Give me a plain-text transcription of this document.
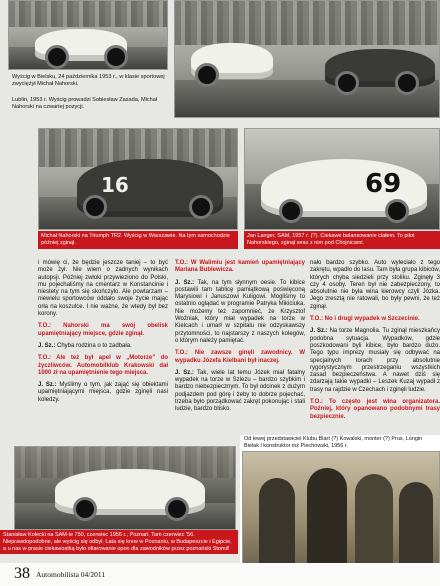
Wyścig w Bielsku, 24 października 1953 r., w klasie sportowej zwyciężył Michał Nahorski.
Lublin, 1953 r. Wyścig prowadzi Sobiesław Zasada, Michał Nahorski na czwartej pozycji.
16	69
Michał Nahorski na Triumph TR2. Wyścig w Warszawie. Na tym samochodzie później zginął.
Jan Langer, SAM, 1957 r. (?). Ciekawe balansowanie ciałem. To pilot Nahorskiego, zginął wraz z nim pod Chojnicami.

i mówię ci, że będzie jeszcze taniej – to być może żył. Nie wiem o żadnych wynikach autopsji. Później zwłoki przywieziono do Polski, mu pojechaliśmy na cmentarz w Konstancinie i niestety na tym się skończyło. Ale powtarzam – niewielu sportowców oddało swoje życie mając orła na koszulce. I nie ważne, że wtedy był bez korony.

T.O.: Nahorski ma swój obelisk upamiętniający miejsce, gdzie zginął.

J. Sz.: Chyba rodzina o to zadbała.

T.O.: Ale też był apel w „Motorze” do życzliwców. Automobilklub Krakowski dał 1000 zł na upamiętnienie tego miejsca.

J. Sz.: Myślimy o tym, jak zająć się obiektami upamiętniającymi miejsca, gdzie zginęli nasi koledzy.

T.O.: W Walimiu jest kamień upamiętniający Mariana Bublewicza.

J. Sz.: Tak, na tym słynnym oesie. To kibice postawili tam tablicę pamiątkową poświęconą Marysiowi i Januszowi Kuligowi. Mogliśmy to ostatnio oglądać w programie Patryka Mikiciuka. Nie możemy też zapomnieć, że Krzysztof Woźniak, który miał wypadek na torze w Kielcach i umarł w szpitalu nie odzyskawszy przytomności, to najstarszy z naszych kolegów, o którym należy pamiętać.

T.O.: Nie zawsze ginęli zawodnicy. W wypadku Józefa Kielbani był inaczej.

J. Sz.: Tak, wiele lat temu Józek miał fatalny wypadek na torze w Szlezu – bardzo szybkim i bardzo niebezpiecznym. To był odcinek z dużym podjazdem pod górę i żeby to dobrze pojechać, trzeba było porządkować zakręt pokonując i stali ludzie, bardzo blisko.

nało bardzo szybko. Auto wyleciało z tego zakrętu, wpadło do lasu. Tam była grupa kibiców, których chyba siedzieli przy stoliku. Zginęły 3 czy 4 osoby. Teren był nie zabezpieczony, to absolutnie nie była wina kierowcy czyli Józka. Jego zresztą nie ratowali, bo były pewni, że też zginął.

T.O.: No i drugi wypadek w Szczecinie.

J. Sz.: Na torze Magnolia. Tu zginął mieszkańcy podobna sytuacja. Wypadków, gdzie poszkodowani byli kibice, było bardzo dużo. Tego typu imprezy musiały się odbywać na specjalnych torach przy absolutnie rygorystycznym przestrzeganiu wszystkich zasad bezpieczeństwa. A nawet dziś się zdarzają takie wypadki – Leszek Kuzaj wypadł z trasy na rajdzie w Czechach i zginęli ludzie.

T.O.: To często jest wina organizatora. Pożniej, który opanowano podobnymi trasy bezpiecznie.

Stanisław Kolecki na SAM-ie 750, czerwiec 1956 r., Poznań. Tam czerwiec '56. Nieprawdopodobne, ale wyścig się odbył. Lata się krew w Poznaniu, w Budapeszcie i Egipcie, a u nas w prasie ciekawostką było ofiarowanie opon dla zawodników przez poznański Stomil!
Od lewej przedstawiciel Klubu Blart (?) Kowalski, monter (?) Prus, Longin Bielak i konstruktor inż Piechowski, 1956 r.
38 Automobilista 04/2011
